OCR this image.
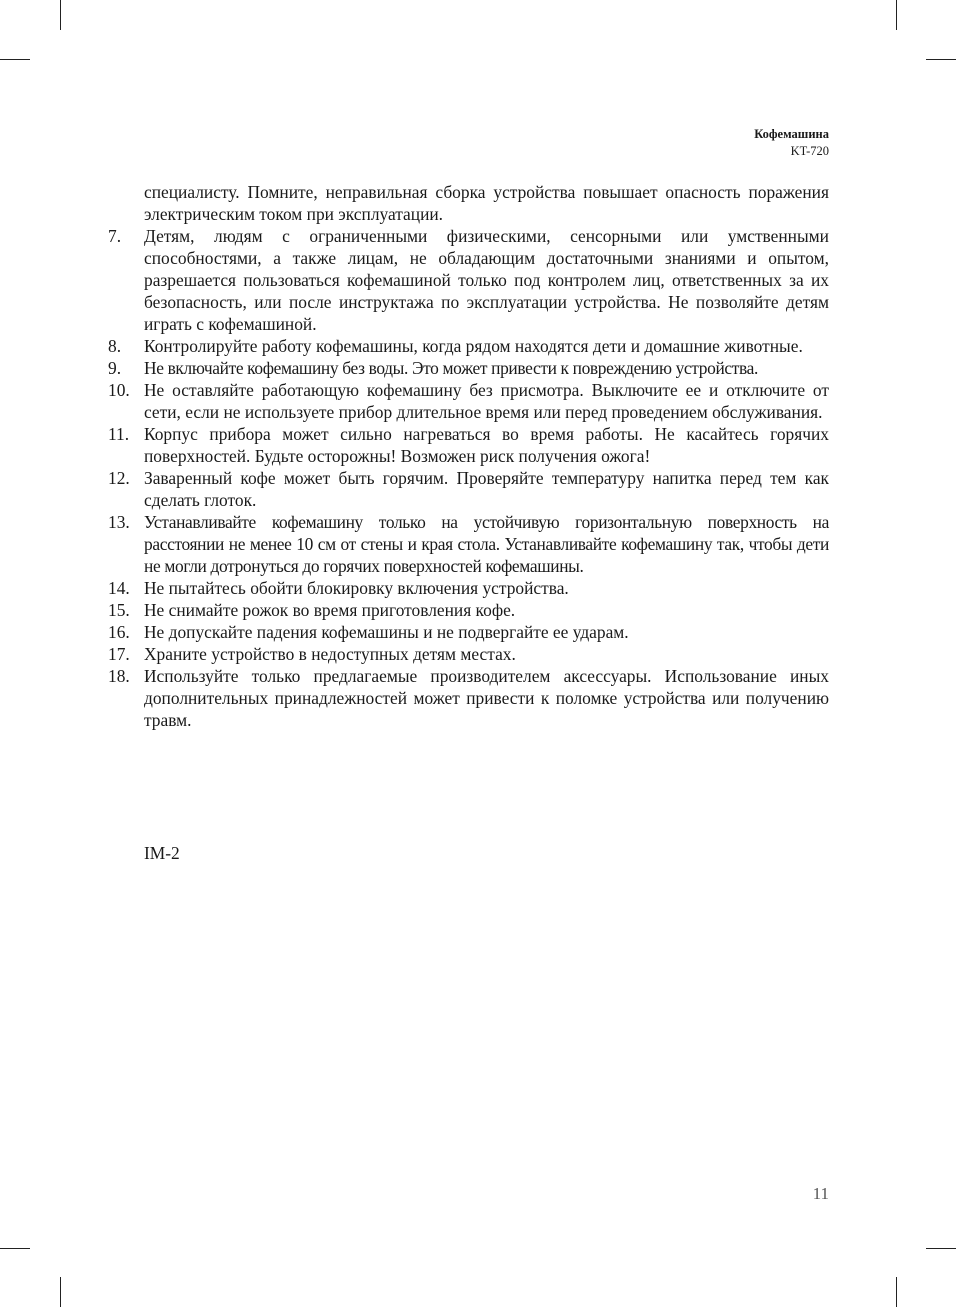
Кофемашина
KT-720

специалисту. Помните, неправильная сборка устройства повышает опасность поражения электрическим током при эксплуатации.

7.	Детям, людям с ограниченными физическими, сенсорными или умственными способностями, а также лицам, не обладающим достаточными знаниями и опытом, разрешается пользоваться кофемашиной только под контролем лиц, ответственных за их безопасность, или после инструктажа по эксплуатации устройства. Не позволяйте детям играть с кофемашиной.
8.	Контролируйте работу кофемашины, когда рядом находятся дети и домашние животные.
9.	Не включайте кофемашину без воды. Это может привести к повреждению устройства.
10. Не оставляйте работающую кофемашину без присмотра. Выключите ее и отключите от сети, если не используете прибор длительное время или перед проведением обслуживания.
11. Корпус прибора может сильно нагреваться во время работы. Не касайтесь горячих поверхностей. Будьте осторожны! Возможен риск получения ожога!
12. Заваренный кофе может быть горячим. Проверяйте температуру напитка перед тем как сделать глоток.
13. Устанавливайте кофемашину только на устойчивую горизонтальную поверхность на расстоянии не менее 10 см от стены и края стола. Устанавливайте кофемашину так, чтобы дети не могли дотронуться до горячих поверхностей кофемашины.
14. Не пытайтесь обойти блокировку включения устройства.
15. Не снимайте рожок во время приготовления кофе.
16. Не допускайте падения кофемашины и не подвергайте ее ударам.
17. Храните устройство в недоступных детям местах.
18. Используйте только предлагаемые производителем аксессуары. Использование иных дополнительных принадлежностей может привести к поломке устройства или получению травм.
IM-2
11
